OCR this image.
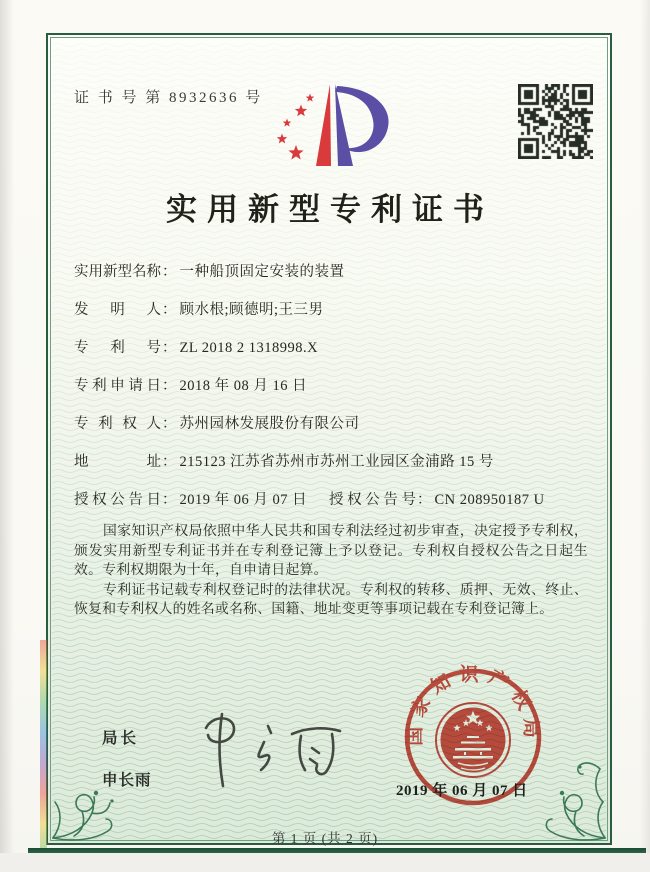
证 书 号 第 8932636 号
实用新型专利证书
实用新型名称： 一种船顶固定安装的装置
发明人： 顾水根;顾德明;王三男
专利号： ZL 2018 2 1318998.X
专利申请日： 2018 年 08 月 16 日
专利权人： 苏州园林发展股份有限公司
地址： 215123 江苏省苏州市苏州工业园区金浦路 15 号
授权公告日： 2019 年 06 月 07 日 授权公告号： CN 208950187 U

国家知识产权局依照中华人民共和国专利法经过初步审查，决定授予专利权，颁发实用新型专利证书并在专利登记簿上予以登记。专利权自授权公告之日起生效。专利权期限为十年，自申请日起算。

专利证书记载专利权登记时的法律状况。专利权的转移、质押、无效、终止、恢复和专利权人的姓名或名称、国籍、地址变更等事项记载在专利登记簿上。

局长
申长雨
国家知识产权局
2019 年 06 月 07 日
第 1 页 (共 2 页)
